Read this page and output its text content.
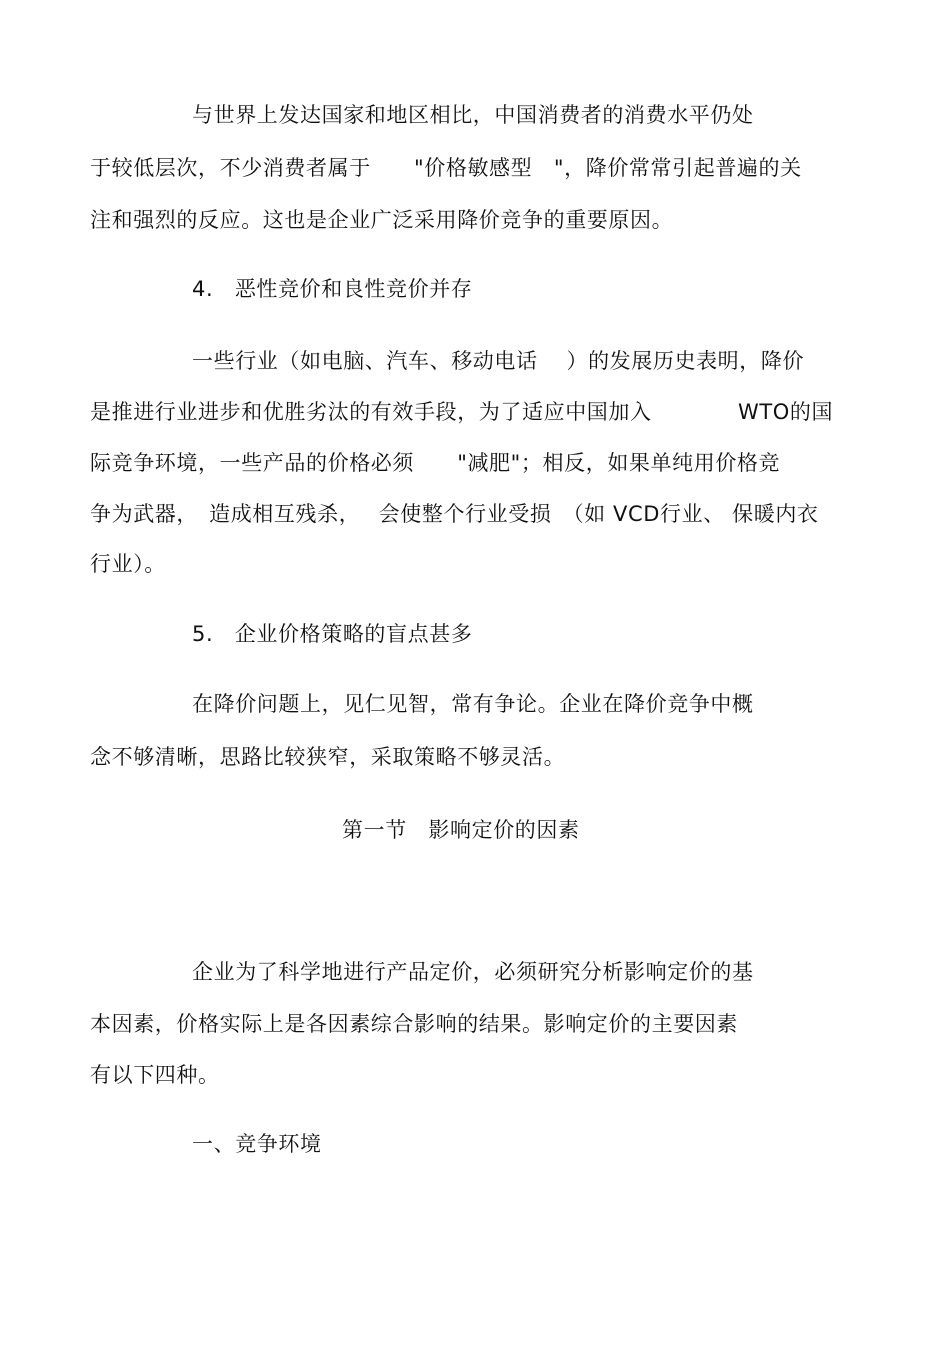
与世界上发达国家和地区相比，中国消费者的消费水平仍处
于较低层次，不少消费者属于　　"价格敏感型　"，降价常常引起普遍的关
注和强烈的反应。这也是企业广泛采用降价竞争的重要原因。
4.　恶性竞价和良性竞价并存
一些行业（如电脑、汽车、移动电话　 ）的发展历史表明，降价
是推进行业进步和优胜劣汰的有效手段，为了适应中国加入　　　　WTO的国
际竞争环境，一些产品的价格必须　　"减肥"；相反，如果单纯用价格竞
争为武器，　造成相互残杀，　 会使整个行业受损　（如 VCD行业、 保暖内衣
行业）。
5.　企业价格策略的盲点甚多
在降价问题上，见仁见智，常有争论。企业在降价竞争中概
念不够清晰，思路比较狭窄，采取策略不够灵活。
第一节　影响定价的因素
企业为了科学地进行产品定价，必须研究分析影响定价的基
本因素，价格实际上是各因素综合影响的结果。影响定价的主要因素
有以下四种。
一、竞争环境
